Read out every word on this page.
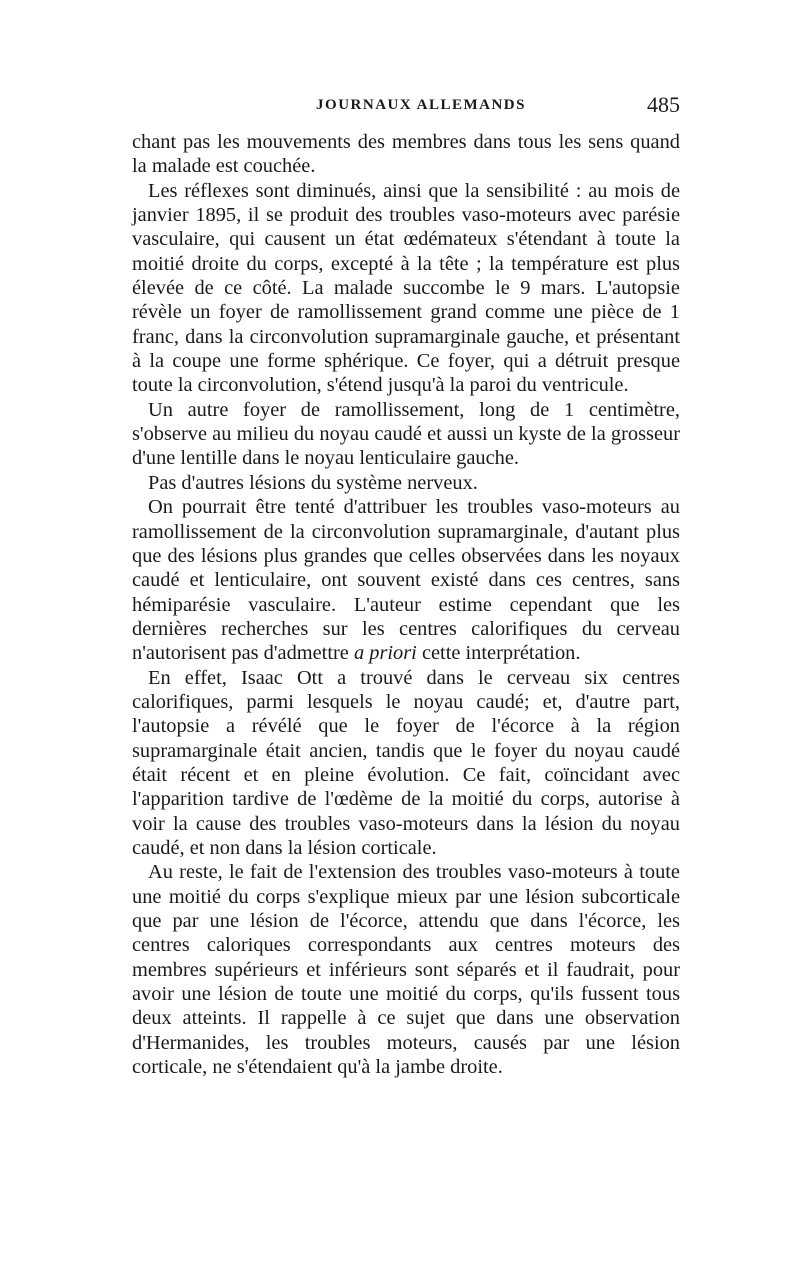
JOURNAUX ALLEMANDS	485

chant pas les mouvements des membres dans tous les sens quand la malade est couchée.

Les réflexes sont diminués, ainsi que la sensibilité : au mois de janvier 1895, il se produit des troubles vaso-moteurs avec parésie vasculaire, qui causent un état œdémateux s'étendant à toute la moitié droite du corps, excepté à la tête ; la température est plus élevée de ce côté. La malade succombe le 9 mars. L'autopsie révèle un foyer de ramollissement grand comme une pièce de 1 franc, dans la circonvolution supramarginale gauche, et présentant à la coupe une forme sphérique. Ce foyer, qui a détruit presque toute la circonvolution, s'étend jusqu'à la paroi du ventricule.

Un autre foyer de ramollissement, long de 1 centimètre, s'observe au milieu du noyau caudé et aussi un kyste de la grosseur d'une lentille dans le noyau lenticulaire gauche.

Pas d'autres lésions du système nerveux.

On pourrait être tenté d'attribuer les troubles vaso-moteurs au ramollissement de la circonvolution supramarginale, d'autant plus que des lésions plus grandes que celles observées dans les noyaux caudé et lenticulaire, ont souvent existé dans ces centres, sans hémiparésie vasculaire. L'auteur estime cependant que les dernières recherches sur les centres calorifiques du cerveau n'autorisent pas d'admettre a priori cette interprétation.

En effet, Isaac Ott a trouvé dans le cerveau six centres calorifiques, parmi lesquels le noyau caudé; et, d'autre part, l'autopsie a révélé que le foyer de l'écorce à la région supramarginale était ancien, tandis que le foyer du noyau caudé était récent et en pleine évolution. Ce fait, coïncidant avec l'apparition tardive de l'œdème de la moitié du corps, autorise à voir la cause des troubles vaso-moteurs dans la lésion du noyau caudé, et non dans la lésion corticale.

Au reste, le fait de l'extension des troubles vaso-moteurs à toute une moitié du corps s'explique mieux par une lésion subcorticale que par une lésion de l'écorce, attendu que dans l'écorce, les centres caloriques correspondants aux centres moteurs des membres supérieurs et inférieurs sont séparés et il faudrait, pour avoir une lésion de toute une moitié du corps, qu'ils fussent tous deux atteints. Il rappelle à ce sujet que dans une observation d'Hermanides, les troubles moteurs, causés par une lésion corticale, ne s'étendaient qu'à la jambe droite.
